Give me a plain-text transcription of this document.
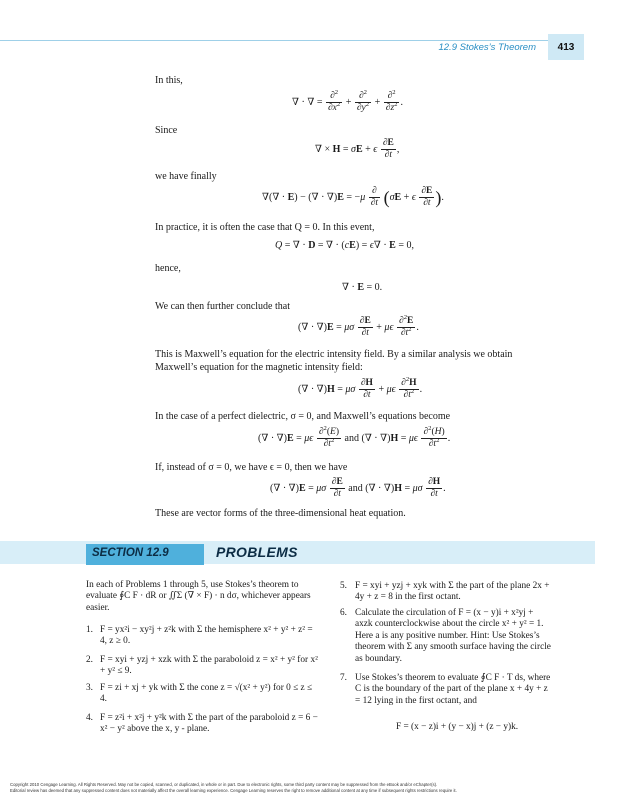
12.9 Stokes’s Theorem	413
In this,
∇ · ∇ = $\frac{\partial^2}{\partial x^2} + \frac{\partial^2}{\partial y^2} + \frac{\partial^2}{\partial z^2}$ .
Since
∇ × H = σE + ϵ $\frac{\partial E}{\partial t}$ ,
we have finally
∇(∇ · E) − (∇ · $\nabla)E = -\mu \frac{\partial}{\partial t} (\sigma E + \epsilon \frac{\partial E}{\partial t}$ ).
In practice, it is often the case that Q = 0. In this event,
Q = ∇ · D = ∇ · (cE) = ϵ∇ · E = 0,
hence,
∇ · E = 0.
We can then further conclude that
(∇ · ∇)E = μσ $\frac{\partial E}{\partial t} + \mu\epsilon \frac{\partial^2E}{\partial t^2}$ .
This is Maxwell’s equation for the electric intensity field. By a similar analysis we obtain Maxwell’s equation for the magnetic intensity field:
(∇ · ∇)H = μσ $\frac{\partial H}{\partial t} + \mu\epsilon \frac{\partial^2H}{\partial t^2}$ .
In the case of a perfect dielectric, σ = 0, and Maxwell’s equations become
(∇ · ∇)E = μϵ $\frac{\partial^2(E)}{\partial t^2}$ and (∇ · ∇)H = μϵ $\frac{\partial^2(H)}{\partial t^2}$ .
If, instead of σ = 0, we have ϵ = 0, then we have
(∇ · ∇)E = μσ $\frac{\partial E}{\partial t}$ and (∇ · ∇)H = μσ $\frac{\partial H}{\partial t}$ .
These are vector forms of the three-dimensional heat equation.
SECTION 12.9	PROBLEMS
In each of Problems 1 through 5, use Stokes’s theorem to evaluate ∮C F · dR or ∬Σ (∇ × F) · n dσ, whichever appears easier.
1. F = yx²i − xy²j + z²k with Σ the hemisphere x² + y² + z² = 4, z ≥ 0.
2. F = xyi + yzj + xzk with Σ the paraboloid z = x² + y² for x² + y² ≤ 9.
3. F = zi + xj + yk with Σ the cone z = √(x² + y²) for 0 ≤ z ≤ 4.
4. F = z²i + x²j + y²k with Σ the part of the paraboloid z = 6 − x² − y² above the x, y - plane.
5. F = xyi + yzj + xyk with Σ the part of the plane 2x + 4y + z = 8 in the first octant.
6. Calculate the circulation of F = (x − y)i + x²yj + axzk counterclockwise about the circle x² + y² = 1. Here a is any positive number. Hint: Use Stokes’s theorem with Σ any smooth surface having the circle as boundary.
7. Use Stokes’s theorem to evaluate ∮C F · T ds, where C is the boundary of the part of the plane x + 4y + z = 12 lying in the first octant, and
F = (x − z)i + (y − x)j + (z − y)k.
Copyright 2010 Cengage Learning. All Rights Reserved. May not be copied, scanned, or duplicated, in whole or in part. Due to electronic rights, some third party content may be suppressed from the eBook and/or eChapter(s).
Editorial review has deemed that any suppressed content does not materially affect the overall learning experience. Cengage Learning reserves the right to remove additional content at any time if subsequent rights restrictions require it.
